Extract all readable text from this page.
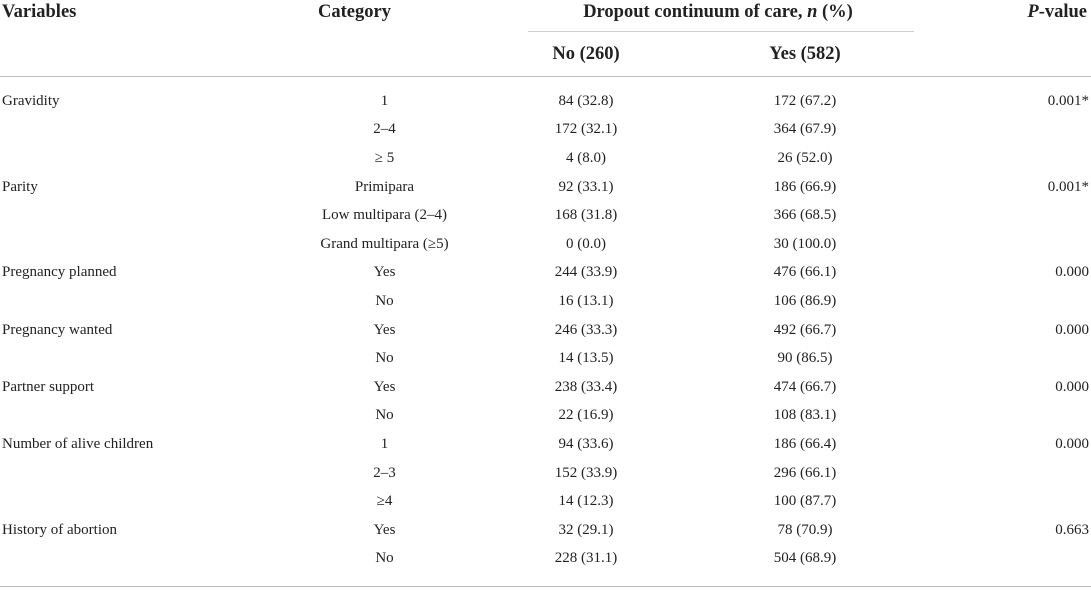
Variables	Category	Dropout continuum of care, n (%)		P-value
		No (260)	Yes (582)	
Gravidity	1	84 (32.8)	172 (67.2)	0.001*
	2–4	172 (32.1)	364 (67.9)	
	≥ 5	4 (8.0)	26 (52.0)	
Parity	Primipara	92 (33.1)	186 (66.9)	0.001*
	Low multipara (2–4)	168 (31.8)	366 (68.5)	
	Grand multipara (≥5)	0 (0.0)	30 (100.0)	
Pregnancy planned	Yes	244 (33.9)	476 (66.1)	0.000
	No	16 (13.1)	106 (86.9)	
Pregnancy wanted	Yes	246 (33.3)	492 (66.7)	0.000
	No	14 (13.5)	90 (86.5)	
Partner support	Yes	238 (33.4)	474 (66.7)	0.000
	No	22 (16.9)	108 (83.1)	
Number of alive children	1	94 (33.6)	186 (66.4)	0.000
	2–3	152 (33.9)	296 (66.1)	
	≥4	14 (12.3)	100 (87.7)	
History of abortion	Yes	32 (29.1)	78 (70.9)	0.663
	No	228 (31.1)	504 (68.9)	
